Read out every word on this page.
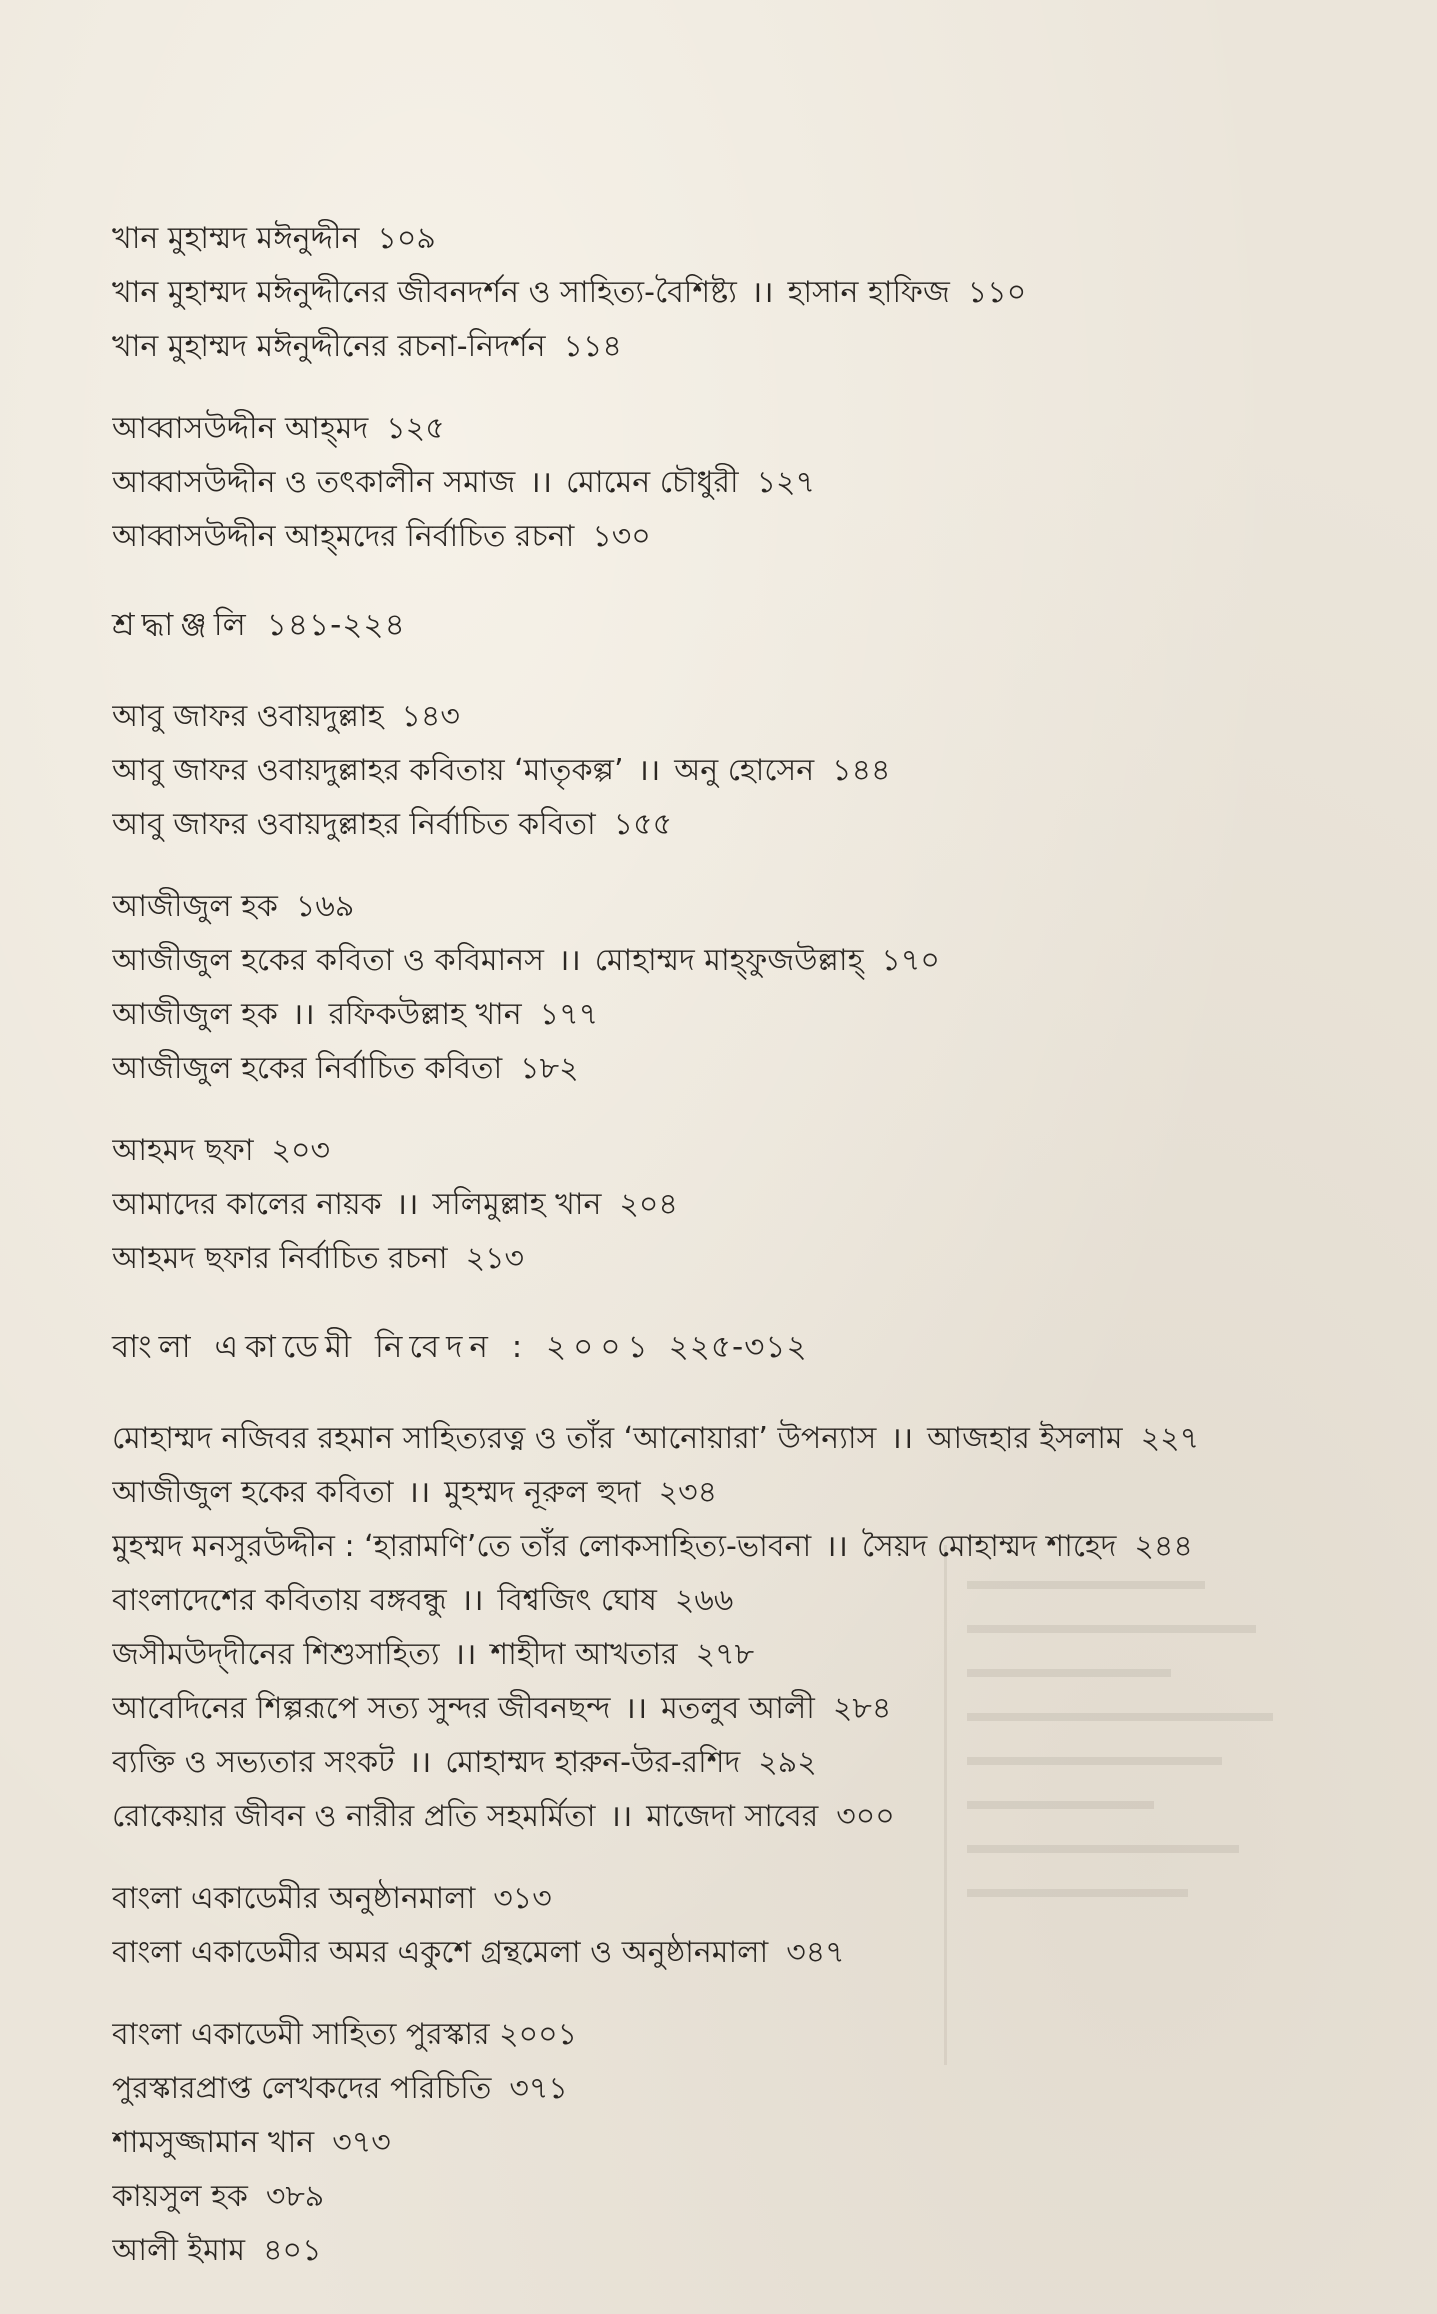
খান মুহাম্মদ মঈনুদ্দীন ১০৯
খান মুহাম্মদ মঈনুদ্দীনের জীবনদর্শন ও সাহিত্য-বৈশিষ্ট্য ।। হাসান হাফিজ ১১০
খান মুহাম্মদ মঈনুদ্দীনের রচনা-নিদর্শন ১১৪
আব্বাসউদ্দীন আহ্‌মদ ১২৫
আব্বাসউদ্দীন ও তৎকালীন সমাজ ।। মোমেন চৌধুরী ১২৭
আব্বাসউদ্দীন আহ্‌মদের নির্বাচিত রচনা ১৩০
শ্রদ্ধাঞ্জলি ১৪১-২২৪
আবু জাফর ওবায়দুল্লাহ ১৪৩
আবু জাফর ওবায়দুল্লাহর কবিতায় ‘মাতৃকল্প’ ।। অনু হোসেন ১৪৪
আবু জাফর ওবায়দুল্লাহর নির্বাচিত কবিতা ১৫৫
আজীজুল হক ১৬৯
আজীজুল হকের কবিতা ও কবিমানস ।। মোহাম্মদ মাহ্‌ফুজউল্লাহ্ ১৭০
আজীজুল হক ।। রফিকউল্লাহ খান ১৭৭
আজীজুল হকের নির্বাচিত কবিতা ১৮২
আহমদ ছফা ২০৩
আমাদের কালের নায়ক ।। সলিমুল্লাহ খান ২০৪
আহমদ ছফার নির্বাচিত রচনা ২১৩
বাংলা একাডেমী নিবেদন : ২০০১ ২২৫-৩১২
মোহাম্মদ নজিবর রহমান সাহিত্যরত্ন ও তাঁর ‘আনোয়ারা’ উপন্যাস ।। আজহার ইসলাম ২২৭
আজীজুল হকের কবিতা ।। মুহম্মদ নূরুল হুদা ২৩৪
মুহম্মদ মনসুরউদ্দীন : ‘হারামণি’তে তাঁর লোকসাহিত্য-ভাবনা ।। সৈয়দ মোহাম্মদ শাহেদ ২৪৪
বাংলাদেশের কবিতায় বঙ্গবন্ধু ।। বিশ্বজিৎ ঘোষ ২৬৬
জসীমউদ্‌দীনের শিশুসাহিত্য ।। শাহীদা আখতার ২৭৮
আবেদিনের শিল্পরূপে সত্য সুন্দর জীবনছন্দ ।। মতলুব আলী ২৮৪
ব্যক্তি ও সভ্যতার সংকট ।। মোহাম্মদ হারুন-উর-রশিদ ২৯২
রোকেয়ার জীবন ও নারীর প্রতি সহমর্মিতা ।। মাজেদা সাবের ৩০০
বাংলা একাডেমীর অনুষ্ঠানমালা ৩১৩
বাংলা একাডেমীর অমর একুশে গ্রন্থমেলা ও অনুষ্ঠানমালা ৩৪৭
বাংলা একাডেমী সাহিত্য পুরস্কার ২০০১
পুরস্কারপ্রাপ্ত লেখকদের পরিচিতি ৩৭১
শামসুজ্জামান খান ৩৭৩
কায়সুল হক ৩৮৯
আলী ইমাম ৪০১
